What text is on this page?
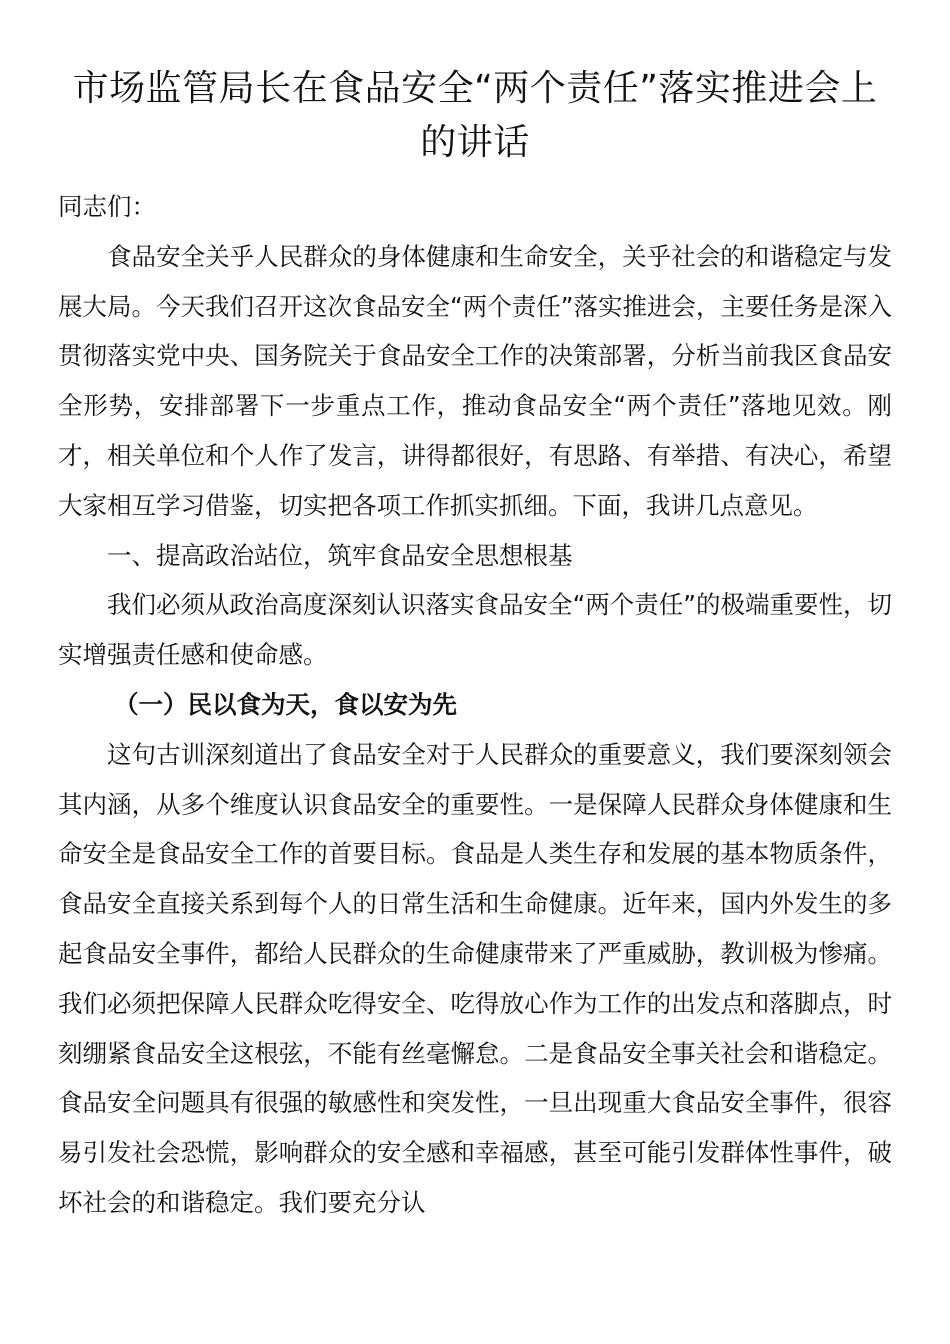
市场监管局长在食品安全“两个责任”落实推进会上的讲话

同志们：

食品安全关乎人民群众的身体健康和生命安全，关乎社会的和谐稳定与发展大局。今天我们召开这次食品安全“两个责任”落实推进会，主要任务是深入贯彻落实党中央、国务院关于食品安全工作的决策部署，分析当前我区食品安全形势，安排部署下一步重点工作，推动食品安全“两个责任”落地见效。刚才，相关单位和个人作了发言，讲得都很好，有思路、有举措、有决心，希望大家相互学习借鉴，切实把各项工作抓实抓细。下面，我讲几点意见。

一、提高政治站位，筑牢食品安全思想根基

我们必须从政治高度深刻认识落实食品安全“两个责任”的极端重要性，切实增强责任感和使命感。

（一）民以食为天，食以安为先

这句古训深刻道出了食品安全对于人民群众的重要意义，我们要深刻领会其内涵，从多个维度认识食品安全的重要性。一是保障人民群众身体健康和生命安全是食品安全工作的首要目标。食品是人类生存和发展的基本物质条件，食品安全直接关系到每个人的日常生活和生命健康。近年来，国内外发生的多起食品安全事件，都给人民群众的生命健康带来了严重威胁，教训极为惨痛。我们必须把保障人民群众吃得安全、吃得放心作为工作的出发点和落脚点，时刻绷紧食品安全这根弦，不能有丝毫懈怠。二是食品安全事关社会和谐稳定。食品安全问题具有很强的敏感性和突发性，一旦出现重大食品安全事件，很容易引发社会恐慌，影响群众的安全感和幸福感，甚至可能引发群体性事件，破坏社会的和谐稳定。我们要充分认
